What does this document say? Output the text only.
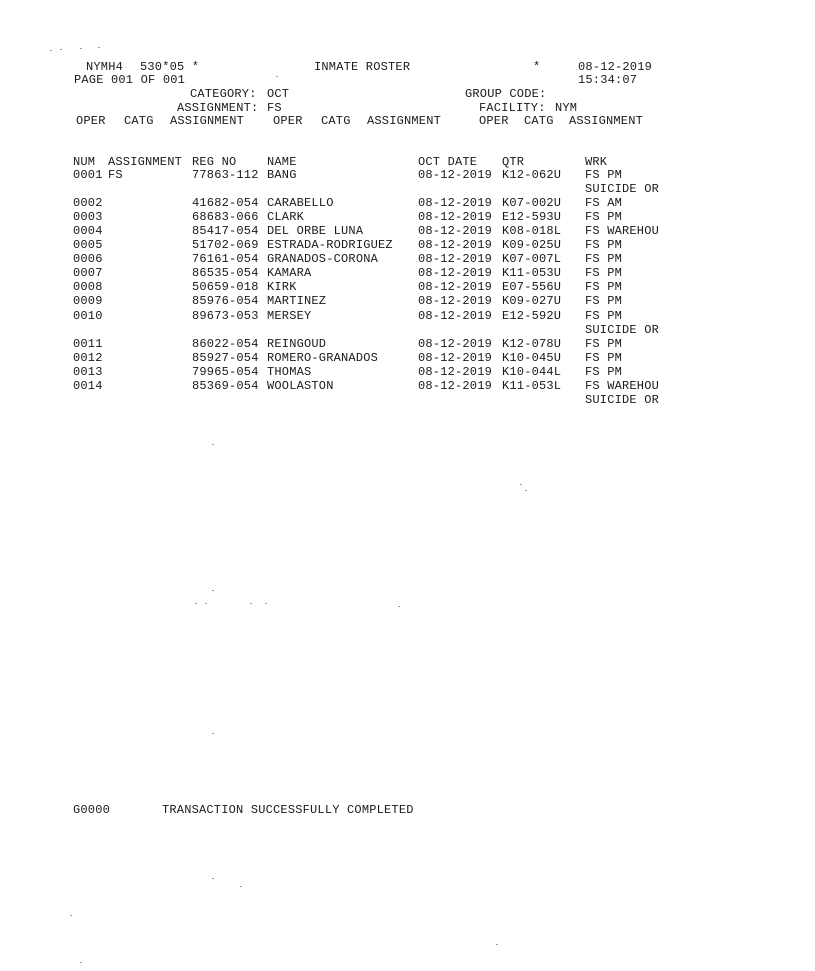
NYMH4 530*05 *	INMATE ROSTER	*	08-12-2019
PAGE 001 OF 001	15:34:07
CATEGORY: OCT	GROUP CODE:
ASSIGNMENT: FS	FACILITY: NYM
OPER CATG ASSIGNMENT OPER CATG ASSIGNMENT	OPER CATG ASSIGNMENT
NUM ASSIGNMENT REG NO	NAME	OCT DATE QTR	WRK
0001 FS	77863-112 BANG	08-12-2019 K12-062U FS PM
SUICIDE OR
0002	41682-054 CARABELLO	08-12-2019 K07-002U FS AM
0003	68683-066 CLARK	08-12-2019 E12-593U FS PM
0004	85417-054 DEL ORBE LUNA	08-12-2019 K08-018L FS WAREHOU
0005	51702-069 ESTRADA-RODRIGUEZ 08-12-2019 K09-025U FS PM
0006	76161-054 GRANADOS-CORONA	08-12-2019 K07-007L FS PM
0007	86535-054 KAMARA	08-12-2019 K11-053U FS PM
0008	50659-018 KIRK	08-12-2019 E07-556U FS PM
0009	85976-054 MARTINEZ	08-12-2019 K09-027U FS PM
0010	89673-053 MERSEY	08-12-2019 E12-592U FS PM
SUICIDE OR
0011	86022-054 REINGOUD	08-12-2019 K12-078U FS PM
0012	85927-054 ROMERO-GRANADOS	08-12-2019 K10-045U FS PM
0013	79965-054 THOMAS	08-12-2019 K10-044L FS PM
0014	85369-054 WOOLASTON	08-12-2019 K11-053L FS WAREHOU
SUICIDE OR
G0000	TRANSACTION SUCCESSFULLY COMPLETED
